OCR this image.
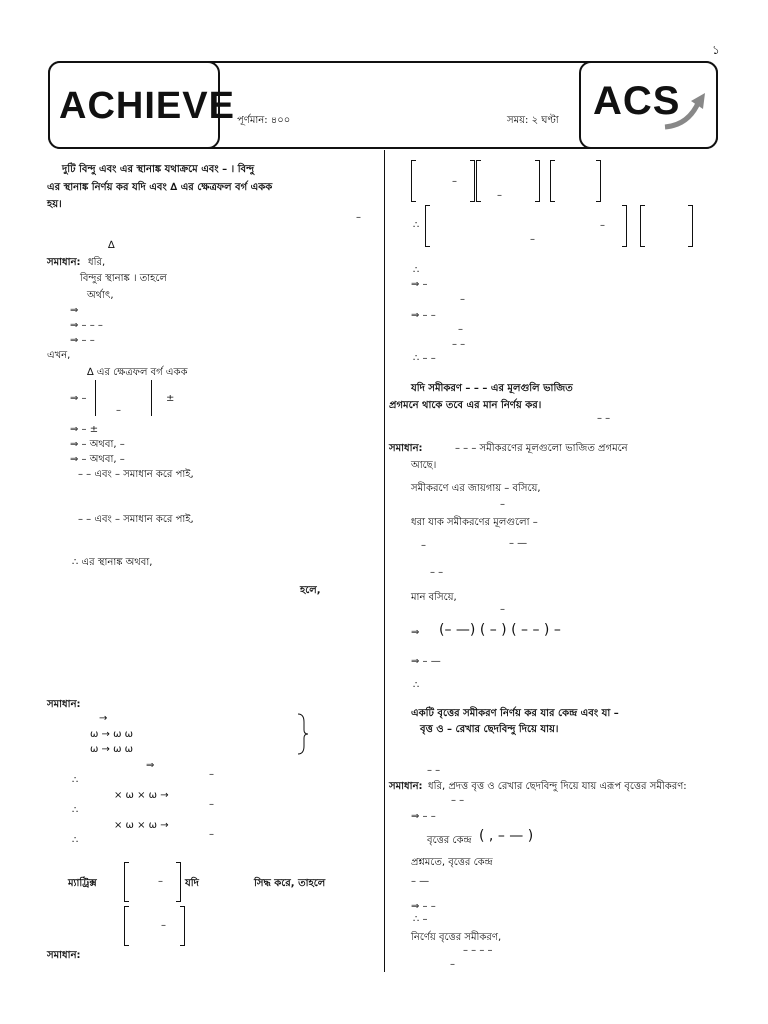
১
ACHIEVE	ACS
পূর্ণমান: ৪০০	সময়: ২ ঘণ্টা
দুটি বিন্দু এবং এর স্থানাঙ্ক যথাক্রমে এবং – । বিন্দু
এর স্থানাঙ্ক নির্ণয় কর যদি এবং ∆ এর ক্ষেত্রফল বর্গ একক
হয়।
–
∆
সমাধান: ধরি,
বিন্দুর স্থানাঙ্ক । তাহলে
অর্থাৎ,
⇒
⇒ – – –
⇒ – –
এখন,
∆ এর ক্ষেত্রফল বর্গ একক
⇒ –
–
±
⇒ – ±
⇒ – অথবা, –
⇒ – অথবা, –
– – এবং – সমাধান করে পাই,
– – এবং – সমাধান করে পাই,
∴ এর স্থানাঙ্ক অথবা,
হলে,
সমাধান:
→
ω → ω ω
ω → ω ω
⇒
–
∴
× ω × ω →
–
∴
× ω × ω →
–
∴
ম্যাট্রিক্স	– যদি	সিদ্ধ করে, তাহলে
–
সমাধান:
–
–
∴	–
–
∴
⇒ –
–
⇒ – –
–
– –
∴ – –
যদি সমীকরণ – – – এর মূলগুলি ভাজিত
প্রগমনে থাকে তবে এর মান নির্ণয় কর।
– –
সমাধান:	– – – সমীকরণের মূলগুলো ভাজিত প্রগমনে
আছে।
সমীকরণে এর জায়গায় – বসিয়ে,
–
ধরা যাক সমীকরণের মূলগুলো –
–	– —
– –
মান বসিয়ে,
–
⇒ (– —) ( – ) ( – – ) –
⇒ – —
∴
একটি বৃত্তের সমীকরণ নির্ণয় কর যার কেন্দ্র এবং যা –
বৃত্ত ও – রেখার ছেদবিন্দু দিয়ে যায়।
– –
সমাধান: ধরি, প্রদত্ত বৃত্ত ও রেখার ছেদবিন্দু দিয়ে যায় এরূপ বৃত্তের সমীকরণ:
– –
⇒ – –
বৃত্তের কেন্দ্র ( , – — )
প্রশ্নমতে, বৃত্তের কেন্দ্র
– —
⇒ – –
∴ –
নির্ণেয় বৃত্তের সমীকরণ,
– – – –
–
